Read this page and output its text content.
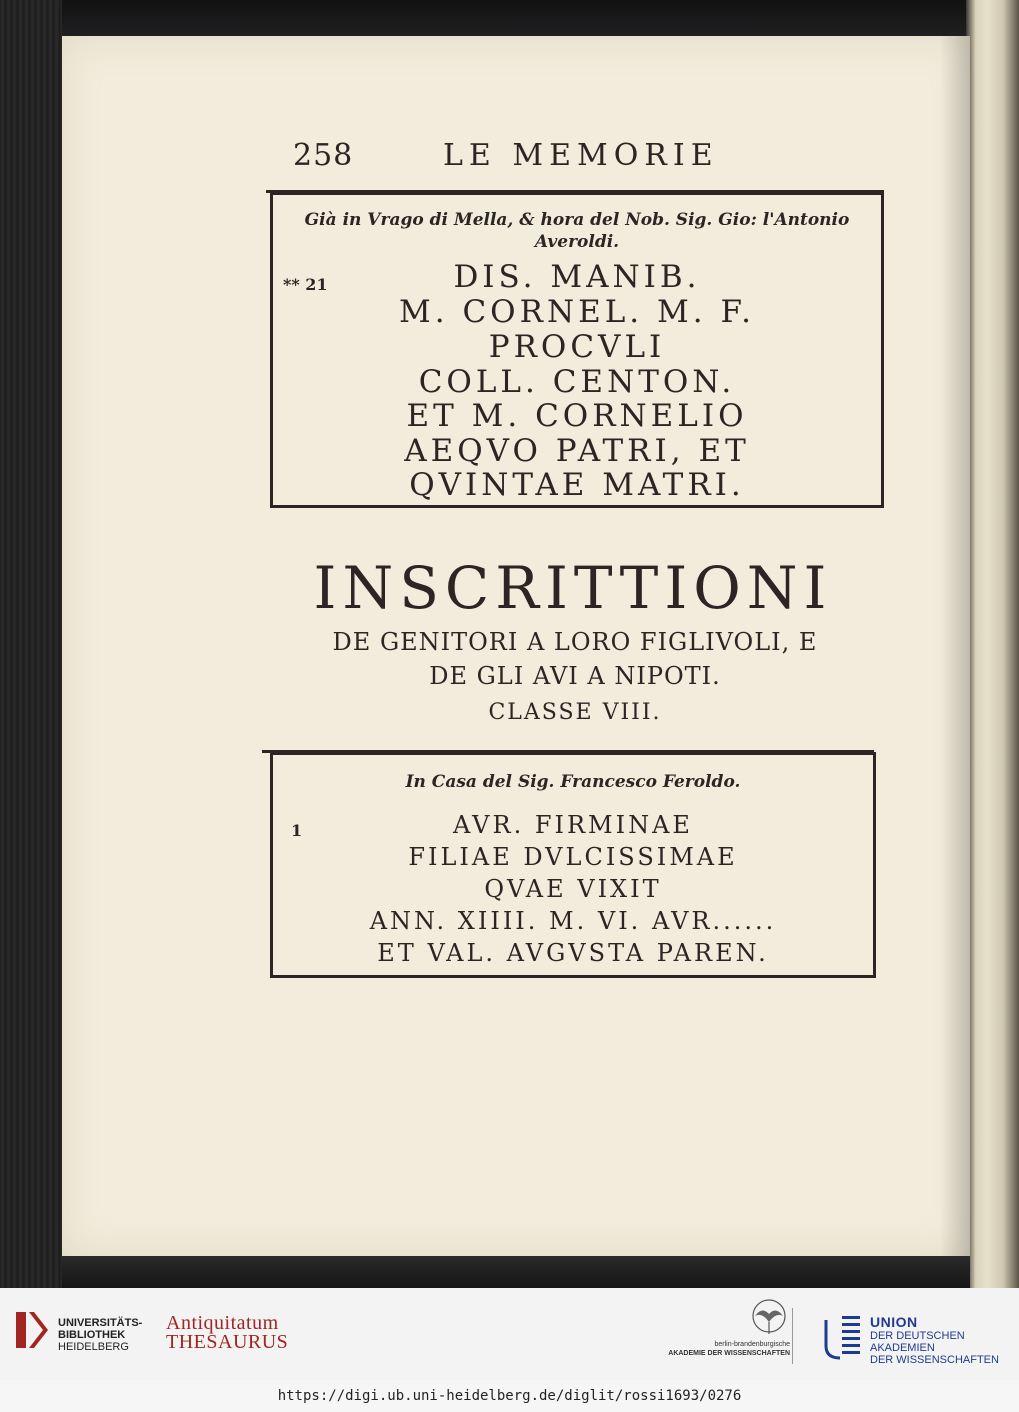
258	LE MEMORIE
Già in Vrago di Mella, & hora del Nob. Sig. Gio: l'Antonio
Averoldi.
** 21	DIS. MANIB.
M. CORNEL. M. F.
PROCVLI
COLL. CENTON.
ET M. CORNELIO
AEQVO PATRI, ET
QVINTAE MATRI.
INSCRITTIONI
DE GENITORI A LORO FIGLIVOLI, E
DE GLI AVI A NIPOTI.
CLASSE VIII.
In Casa del Sig. Francesco Feroldo.
1	AVR. FIRMINAE
FILIAE DVLCISSIMAE
QVAE VIXIT
ANN. XIIII. M. VI. AVR......
ET VAL. AVGVSTA PAREN.
UNIVERSITÄTS-
BIBLIOTHEK
HEIDELBERG
Antiquitatum
THESAURUS	berlin-brandenburgische
AKADEMIE DER WISSENSCHAFTEN
UNION
DER DEUTSCHEN AKADEMIEN
DER WISSENSCHAFTEN
https://digi.ub.uni-heidelberg.de/diglit/rossi1693/0276
